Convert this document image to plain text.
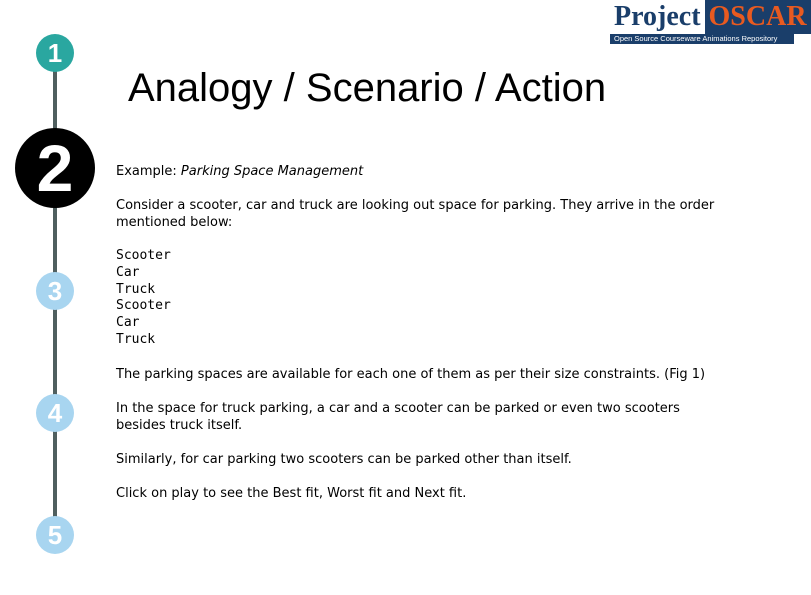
1
2
3
4
5
Project OSCAR
Open Source Courseware Animations Repository
Analogy / Scenario / Action

Example: Parking Space Management

Consider a scooter, car and truck are looking out space for parking. They arrive in the order mentioned below:

Scooter
Car
Truck
Scooter
Car
Truck

The parking spaces are available for each one of them as per their size constraints. (Fig 1)

In the space for truck parking, a car and a scooter can be parked or even two scooters besides truck itself.

Similarly, for car parking two scooters can be parked other than itself.

Click on play to see the Best fit, Worst fit and Next fit.
